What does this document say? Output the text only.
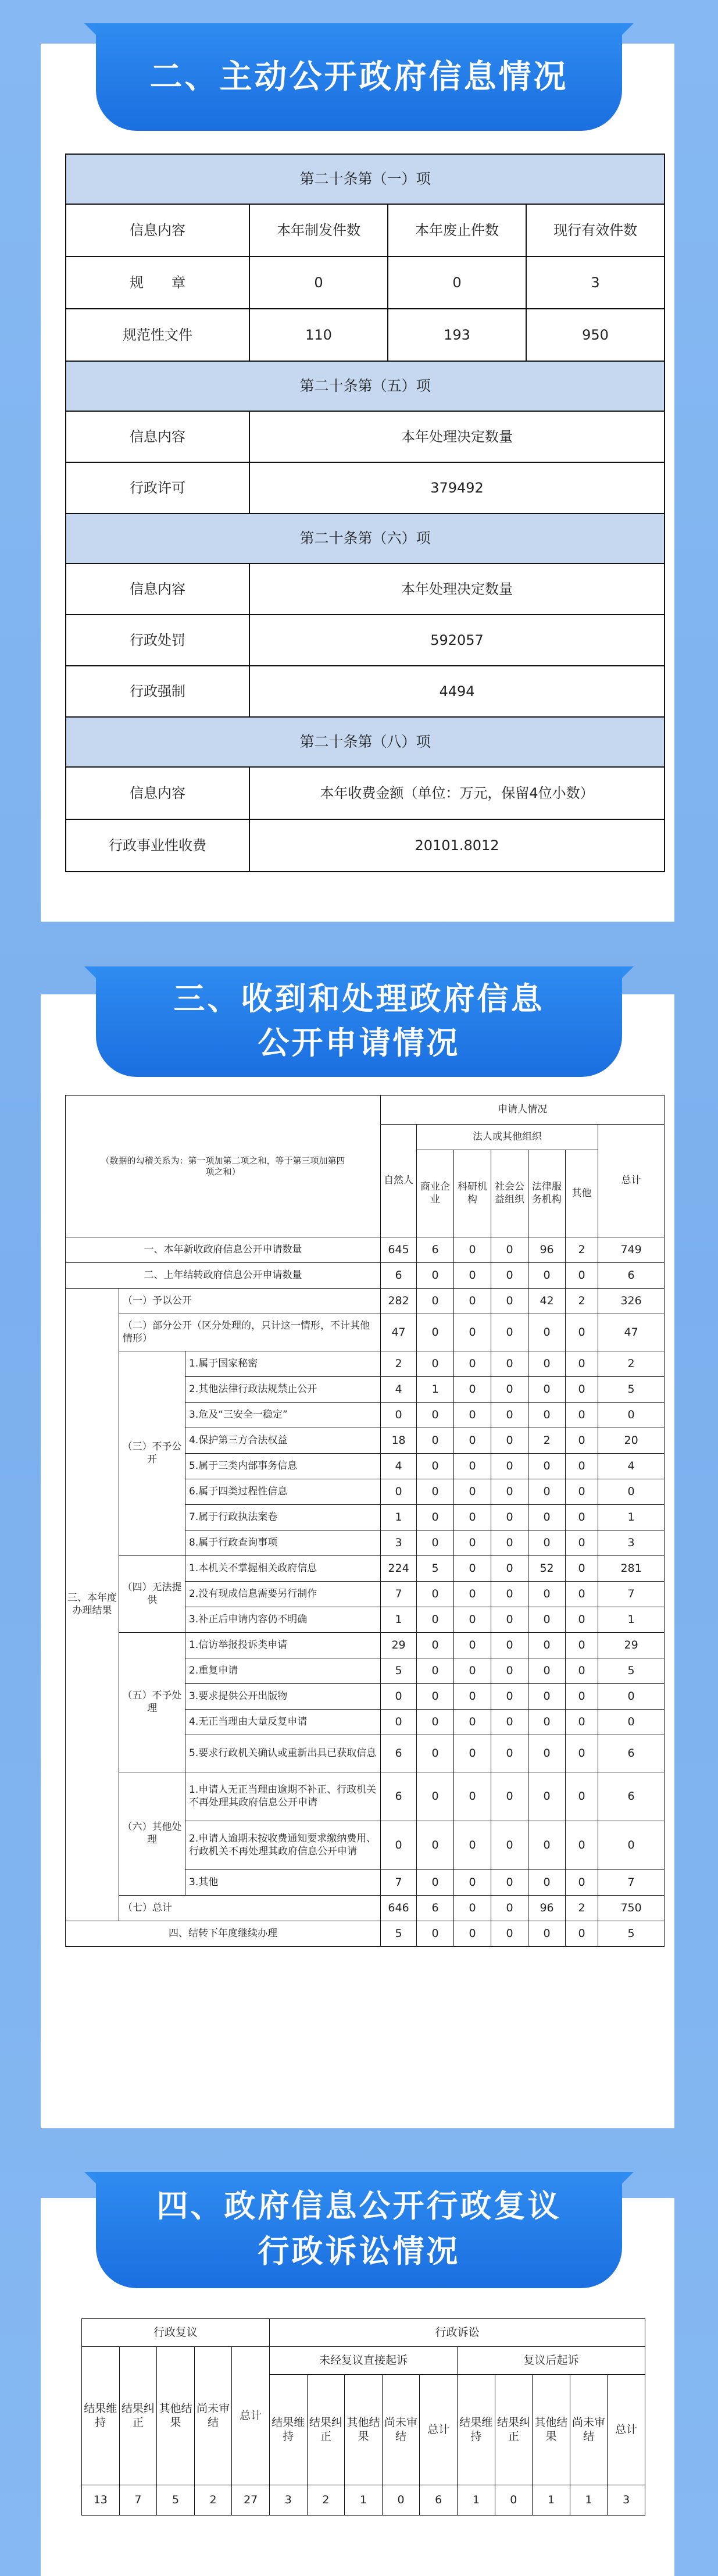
二、主动公开政府信息情况
第二十条第（一）项			
信息内容	本年制发件数	本年废止件数	现行有效件数
规　　章	0	0	3
规范性文件	110	193	950
第二十条第（五）项			
信息内容	本年处理决定数量		
行政许可	379492		
第二十条第（六）项			
信息内容	本年处理决定数量		
行政处罚	592057		
行政强制	4494		
第二十条第（八）项			
信息内容	本年收费金额（单位：万元，保留4位小数）		
行政事业性收费	20101.8012		
三、收到和处理政府信息
公开申请情况
（数据的勾稽关系为：第一项加第二项之和，等于第三项加第四项之和）			申请人情况						
			自然人	法人或其他组织					总计
				商业企业	科研机构	社会公益组织	法律服务机构	其他	
一、本年新收政府信息公开申请数量			645	6	0	0	96	2	749
二、上年结转政府信息公开申请数量			6	0	0	0	0	0	6
三、本年度办理结果	（一）予以公开		282	0	0	0	42	2	326
	（二）部分公开（区分处理的，只计这一情形，不计其他情形）		47	0	0	0	0	0	47
	（三）不予公开	1.属于国家秘密	2	0	0	0	0	0	2
		2.其他法律行政法规禁止公开	4	1	0	0	0	0	5
		3.危及“三安全一稳定”	0	0	0	0	0	0	0
		4.保护第三方合法权益	18	0	0	0	2	0	20
		5.属于三类内部事务信息	4	0	0	0	0	0	4
		6.属于四类过程性信息	0	0	0	0	0	0	0
		7.属于行政执法案卷	1	0	0	0	0	0	1
		8.属于行政查询事项	3	0	0	0	0	0	3
	（四）无法提供	1.本机关不掌握相关政府信息	224	5	0	0	52	0	281
		2.没有现成信息需要另行制作	7	0	0	0	0	0	7
		3.补正后申请内容仍不明确	1	0	0	0	0	0	1
	（五）不予处理	1.信访举报投诉类申请	29	0	0	0	0	0	29
		2.重复申请	5	0	0	0	0	0	5
		3.要求提供公开出版物	0	0	0	0	0	0	0
		4.无正当理由大量反复申请	0	0	0	0	0	0	0
		5.要求行政机关确认或重新出具已获取信息	6	0	0	0	0	0	6
	（六）其他处理	1.申请人无正当理由逾期不补正、行政机关不再处理其政府信息公开申请	6	0	0	0	0	0	6
		2.申请人逾期未按收费通知要求缴纳费用、行政机关不再处理其政府信息公开申请	0	0	0	0	0	0	0
		3.其他	7	0	0	0	0	0	7
	（七）总计		646	6	0	0	96	2	750
四、结转下年度继续办理			5	0	0	0	0	0	5
四、政府信息公开行政复议
行政诉讼情况
行政复议					行政诉讼									
结果维持	结果纠正	其他结果	尚未审结	总计	未经复议直接起诉					复议后起诉				
					结果维持	结果纠正	其他结果	尚未审结	总计	结果维持	结果纠正	其他结果	尚未审结	总计
13	7	5	2	27	3	2	1	0	6	1	0	1	1	3
